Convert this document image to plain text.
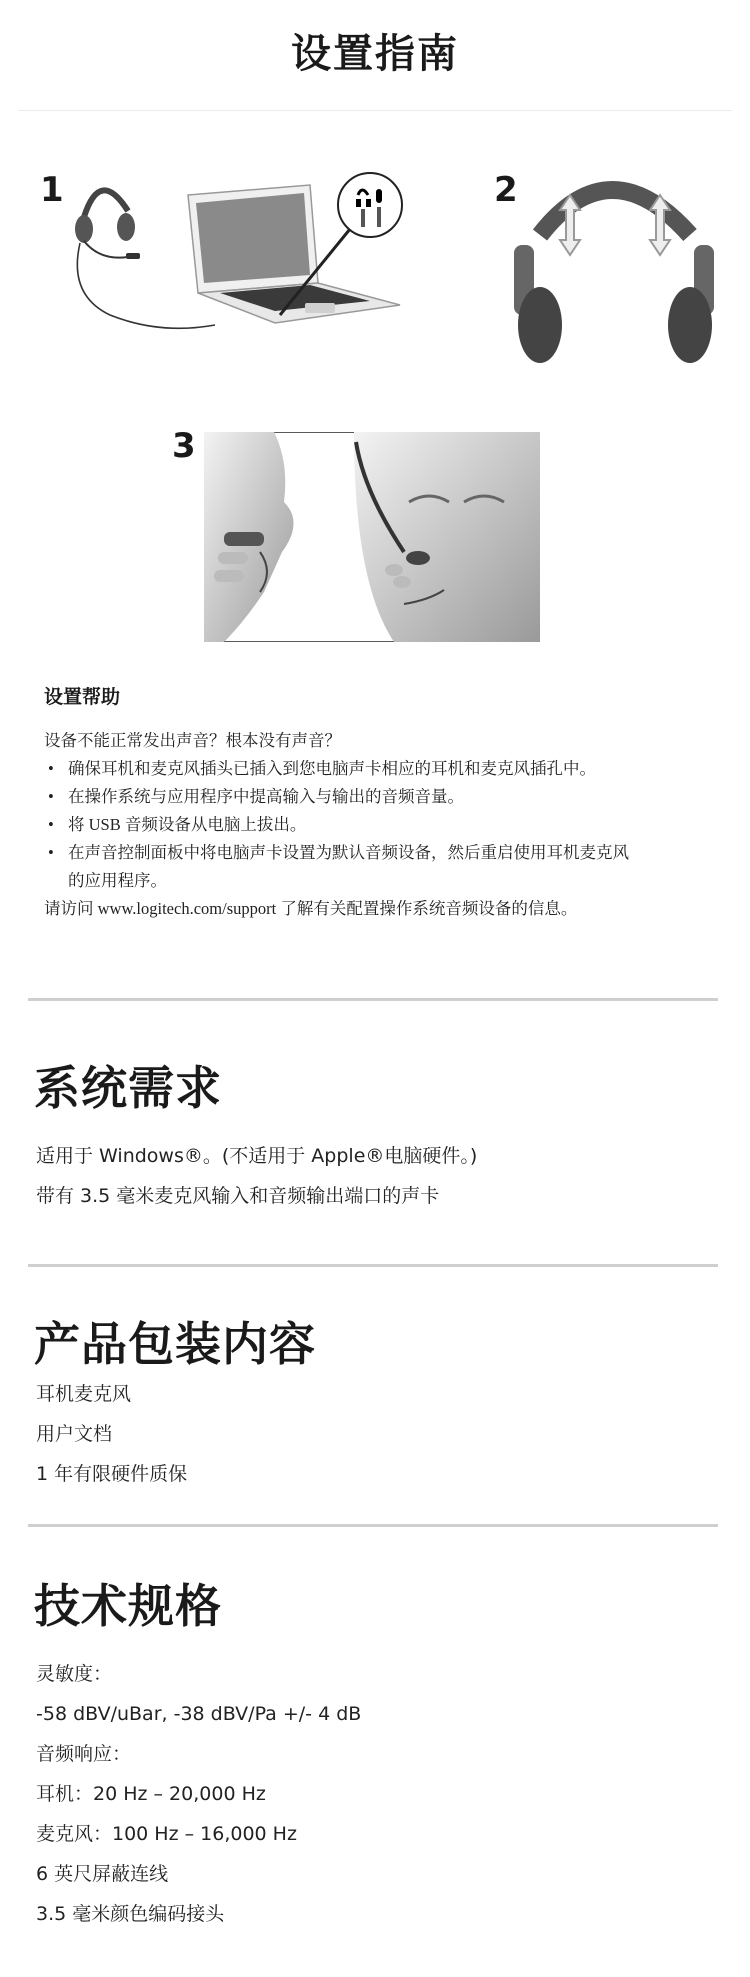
设置指南
1	2
3
设置帮助
设备不能正常发出声音？根本没有声音？
• 确保耳机和麦克风插头已插入到您电脑声卡相应的耳机和麦克风插孔中。
• 在操作系统与应用程序中提高输入与输出的音频音量。
• 将 USB 音频设备从电脑上拔出。
• 在声音控制面板中将电脑声卡设置为默认音频设备，然后重启使用耳机麦克风的应用程序。
请访问 www.logitech.com/support 了解有关配置操作系统音频设备的信息。
系统需求
适用于 Windows®。(不适用于 Apple®电脑硬件。)
带有 3.5 毫米麦克风输入和音频输出端口的声卡
产品包装内容
耳机麦克风
用户文档
1 年有限硬件质保
技术规格
灵敏度：
-58 dBV/uBar, -38 dBV/Pa +/- 4 dB
音频响应：
耳机：20 Hz – 20,000 Hz
麦克风：100 Hz – 16,000 Hz
6 英尺屏蔽连线
3.5 毫米颜色编码接头
